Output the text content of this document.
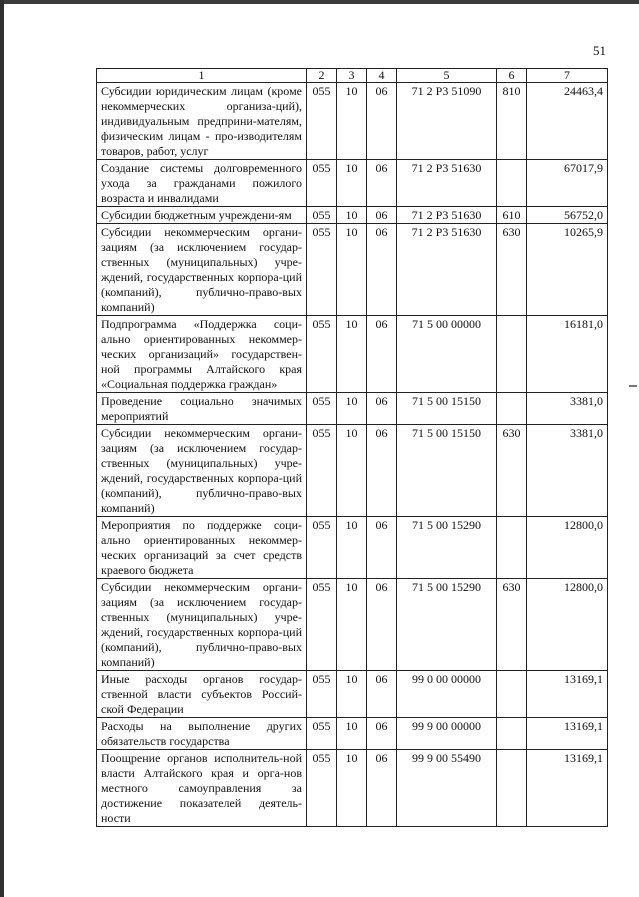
51
1	2	3	4	5	6	7
Субсидии юридическим лицам (кроме некоммерческих организа-ций), индивидуальным предприни-мателям, физическим лицам - про-изводителям товаров, работ, услуг	055	10	06	71 2 P3 51090	810	24463,4
Создание системы долговременного ухода за гражданами пожилого возраста и инвалидами	055	10	06	71 2 P3 51630		67017,9
Субсидии бюджетным учреждени-ям	055	10	06	71 2 P3 51630	610	56752,0
Субсидии некоммерческим органи-зациям (за исключением государ-ственных (муниципальных) учре-ждений, государственных корпора-ций (компаний), публично-право-вых компаний)	055	10	06	71 2 P3 51630	630	10265,9
Подпрограмма «Поддержка соци-ально ориентированных некоммер-ческих организаций» государствен-ной программы Алтайского края «Социальная поддержка граждан»	055	10	06	71 5 00 00000		16181,0
Проведение социально значимых мероприятий	055	10	06	71 5 00 15150		3381,0
Субсидии некоммерческим органи-зациям (за исключением государ-ственных (муниципальных) учре-ждений, государственных корпора-ций (компаний), публично-право-вых компаний)	055	10	06	71 5 00 15150	630	3381,0
Мероприятия по поддержке соци-ально ориентированных некоммер-ческих организаций за счет средств краевого бюджета	055	10	06	71 5 00 15290		12800,0
Субсидии некоммерческим органи-зациям (за исключением государ-ственных (муниципальных) учре-ждений, государственных корпора-ций (компаний), публично-право-вых компаний)	055	10	06	71 5 00 15290	630	12800,0
Иные расходы органов государ-ственной власти субъектов Россий-ской Федерации	055	10	06	99 0 00 00000		13169,1
Расходы на выполнение других обязательств государства	055	10	06	99 9 00 00000		13169,1
Поощрение органов исполнитель-ной власти Алтайского края и орга-нов местного самоуправления за достижение показателей деятель-ности	055	10	06	99 9 00 55490		13169,1
